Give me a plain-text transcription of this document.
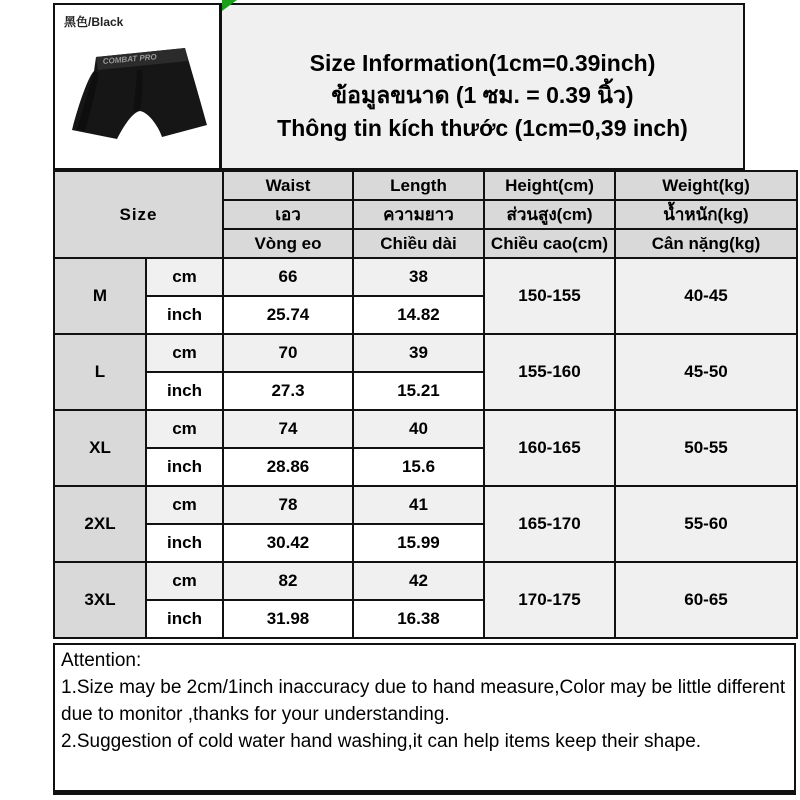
黑色/Black
COMBAT PRO	Size Information(1cm=0.39inch)
ข้อมูลขนาด (1 ซม. = 0.39 นิ้ว)
Thông tin kích thước (1cm=0,39 inch)
Size		Waist	Length	Height(cm)	Weight(kg)
		เอว	ความยาว	ส่วนสูง(cm)	น้ำหนัก(kg)
		Vòng eo	Chiều dài	Chiều cao(cm)	Cân nặng(kg)
M	cm	66	38	150-155	40-45
	inch	25.74	14.82		
L	cm	70	39	155-160	45-50
	inch	27.3	15.21		
XL	cm	74	40	160-165	50-55
	inch	28.86	15.6		
2XL	cm	78	41	165-170	55-60
	inch	30.42	15.99		
3XL	cm	82	42	170-175	60-65
	inch	31.98	16.38		
Attention:
1.Size may be 2cm/1inch inaccuracy due to hand measure,Color may be little different due to monitor ,thanks for your understanding.
2.Suggestion of cold water hand washing,it can help items keep their shape.
